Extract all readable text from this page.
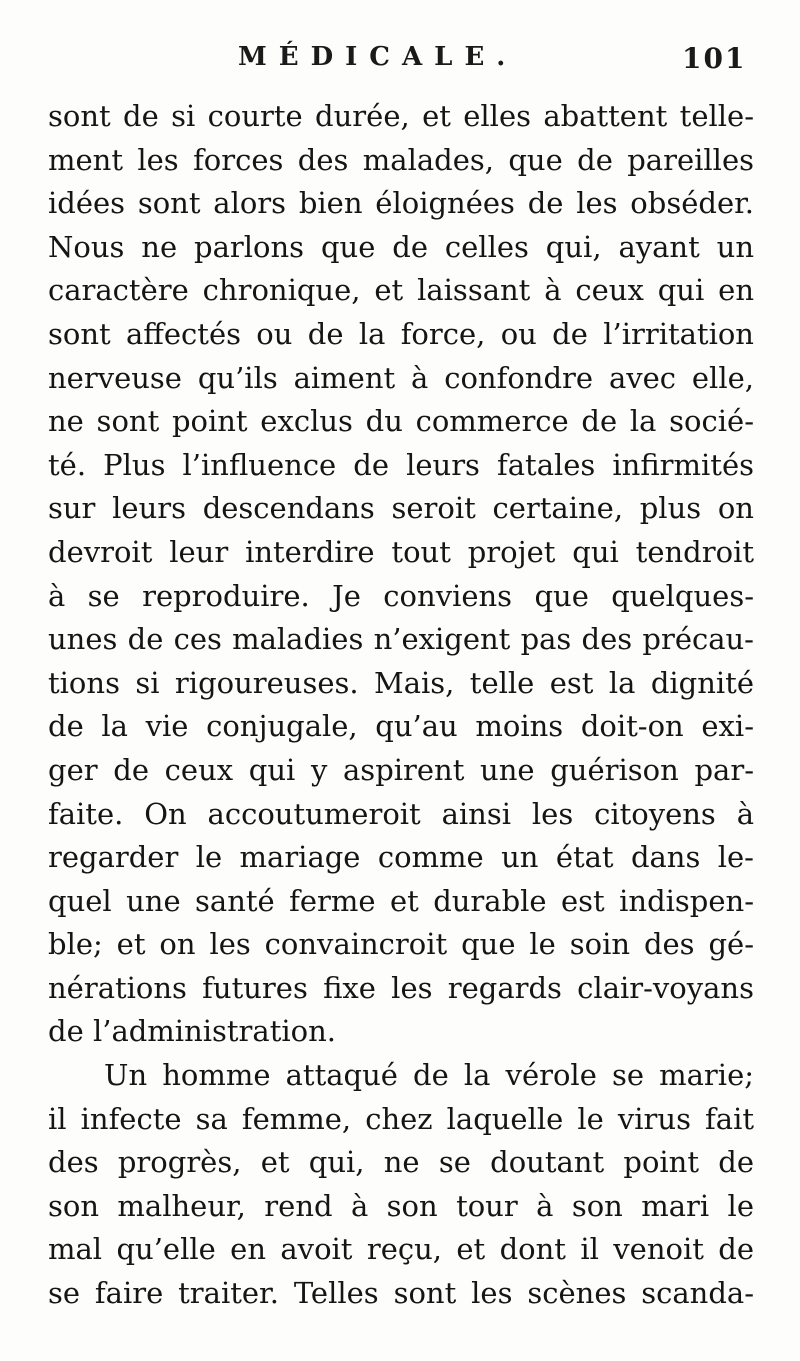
MÉDICALE.	101
sont de si courte durée, et elles abattent telle-
ment les forces des malades, que de pareilles
idées sont alors bien éloignées de les obséder.
Nous ne parlons que de celles qui, ayant un
caractère chronique, et laissant à ceux qui en
sont affectés ou de la force, ou de l’irritation
nerveuse qu’ils aiment à confondre avec elle,
ne sont point exclus du commerce de la socié-
té. Plus l’influence de leurs fatales infirmités
sur leurs descendans seroit certaine, plus on
devroit leur interdire tout projet qui tendroit
à se reproduire. Je conviens que quelques-
unes de ces maladies n’exigent pas des précau-
tions si rigoureuses. Mais, telle est la dignité
de la vie conjugale, qu’au moins doit-on exi-
ger de ceux qui y aspirent une guérison par-
faite. On accoutumeroit ainsi les citoyens à
regarder le mariage comme un état dans le-
quel une santé ferme et durable est indispen-
ble; et on les convaincroit que le soin des gé-
nérations futures fixe les regards clair-voyans
de l’administration.
Un homme attaqué de la vérole se marie;
il infecte sa femme, chez laquelle le virus fait
des progrès, et qui, ne se doutant point de
son malheur, rend à son tour à son mari le
mal qu’elle en avoit reçu, et dont il venoit de
se faire traiter. Telles sont les scènes scanda-
